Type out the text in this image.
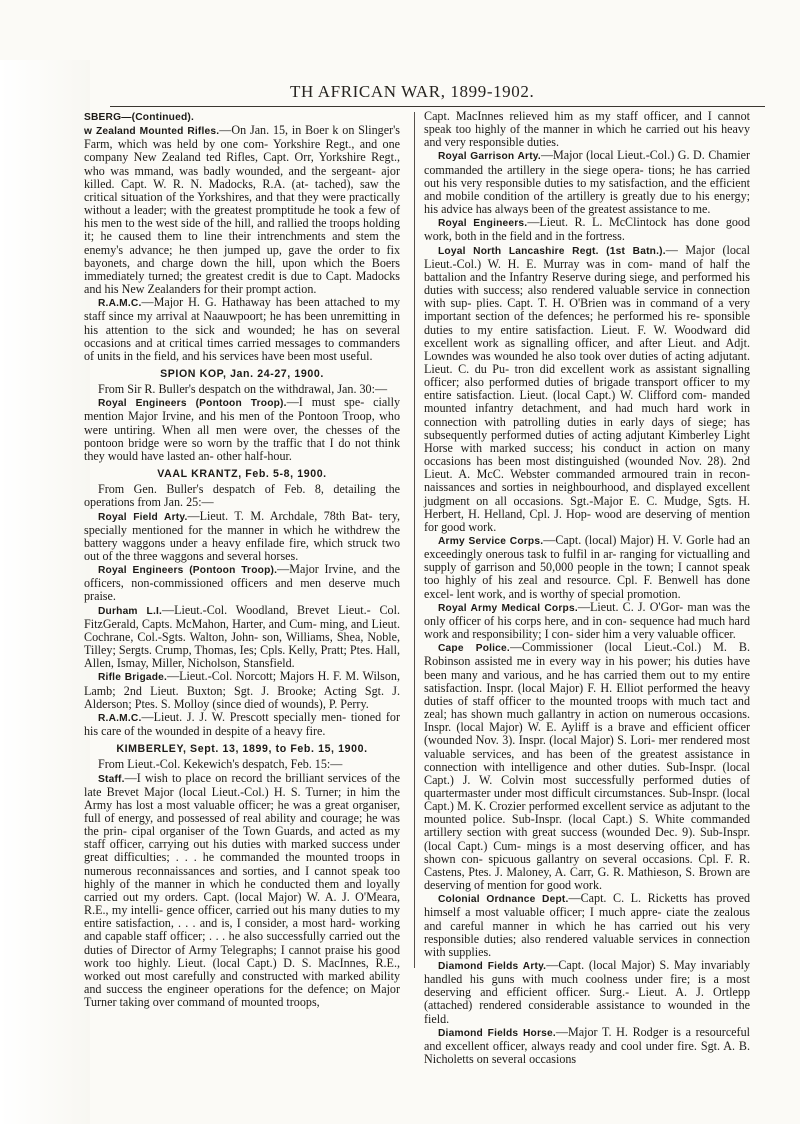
TH AFRICAN WAR, 1899-1902.

SBERG—(Continued).

w Zealand Mounted Rifles.—On Jan. 15, in Boer k on Slinger's Farm, which was held by one com- Yorkshire Regt., and one company New Zealand ted Rifles, Capt. Orr, Yorkshire Regt., who was mmand, was badly wounded, and the sergeant- ajor killed. Capt. W. R. N. Madocks, R.A. (at- tached), saw the critical situation of the Yorkshires, and that they were practically without a leader; with the greatest promptitude he took a few of his men to the west side of the hill, and rallied the troops holding it; he caused them to line their intrenchments and stem the enemy's advance; he then jumped up, gave the order to fix bayonets, and charge down the hill, upon which the Boers immediately turned; the greatest credit is due to Capt. Madocks and his New Zealanders for their prompt action.

R.A.M.C.—Major H. G. Hathaway has been attached to my staff since my arrival at Naauwpoort; he has been unremitting in his attention to the sick and wounded; he has on several occasions and at critical times carried messages to commanders of units in the field, and his services have been most useful.

SPION KOP, Jan. 24-27, 1900.

From Sir R. Buller's despatch on the withdrawal, Jan. 30:—

Royal Engineers (Pontoon Troop).—I must spe- cially mention Major Irvine, and his men of the Pontoon Troop, who were untiring. When all men were over, the chesses of the pontoon bridge were so worn by the traffic that I do not think they would have lasted an- other half-hour.

VAAL KRANTZ, Feb. 5-8, 1900.

From Gen. Buller's despatch of Feb. 8, detailing the operations from Jan. 25:—

Royal Field Arty.—Lieut. T. M. Archdale, 78th Bat- tery, specially mentioned for the manner in which he withdrew the battery waggons under a heavy enfilade fire, which struck two out of the three waggons and several horses.

Royal Engineers (Pontoon Troop).—Major Irvine, and the officers, non-commissioned officers and men deserve much praise.

Durham L.I.—Lieut.-Col. Woodland, Brevet Lieut.- Col. FitzGerald, Capts. McMahon, Harter, and Cum- ming, and Lieut. Cochrane, Col.-Sgts. Walton, John- son, Williams, Shea, Noble, Tilley; Sergts. Crump, Thomas, Ies; Cpls. Kelly, Pratt; Ptes. Hall, Allen, Ismay, Miller, Nicholson, Stansfield.

Rifle Brigade.—Lieut.-Col. Norcott; Majors H. F. M. Wilson, Lamb; 2nd Lieut. Buxton; Sgt. J. Brooke; Acting Sgt. J. Alderson; Ptes. S. Molloy (since died of wounds), P. Perry.

R.A.M.C.—Lieut. J. J. W. Prescott specially men- tioned for his care of the wounded in despite of a heavy fire.

KIMBERLEY, Sept. 13, 1899, to Feb. 15, 1900.

From Lieut.-Col. Kekewich's despatch, Feb. 15:—

Staff.—I wish to place on record the brilliant services of the late Brevet Major (local Lieut.-Col.) H. S. Turner; in him the Army has lost a most valuable officer; he was a great organiser, full of energy, and possessed of real ability and courage; he was the prin- cipal organiser of the Town Guards, and acted as my staff officer, carrying out his duties with marked success under great difficulties; . . . he commanded the mounted troops in numerous reconnaissances and sorties, and I cannot speak too highly of the manner in which he conducted them and loyally carried out my orders. Capt. (local Major) W. A. J. O'Meara, R.E., my intelli- gence officer, carried out his many duties to my entire satisfaction, . . . and is, I consider, a most hard- working and capable staff officer; . . . he also successfully carried out the duties of Director of Army Telegraphs; I cannot praise his good work too highly. Lieut. (local Capt.) D. S. MacInnes, R.E., worked out most carefully and constructed with marked ability and success the engineer operations for the defence; on Major Turner taking over command of mounted troops,

Capt. MacInnes relieved him as my staff officer, and I cannot speak too highly of the manner in which he carried out his heavy and very responsible duties.

Royal Garrison Arty.—Major (local Lieut.-Col.) G. D. Chamier commanded the artillery in the siege opera- tions; he has carried out his very responsible duties to my satisfaction, and the efficient and mobile condition of the artillery is greatly due to his energy; his advice has always been of the greatest assistance to me.

Royal Engineers.—Lieut. R. L. McClintock has done good work, both in the field and in the fortress.

Loyal North Lancashire Regt. (1st Batn.).— Major (local Lieut.-Col.) W. H. E. Murray was in com- mand of half the battalion and the Infantry Reserve during siege, and performed his duties with success; also rendered valuable service in connection with sup- plies. Capt. T. H. O'Brien was in command of a very important section of the defences; he performed his re- sponsible duties to my entire satisfaction. Lieut. F. W. Woodward did excellent work as signalling officer, and after Lieut. and Adjt. Lowndes was wounded he also took over duties of acting adjutant. Lieut. C. du Pu- tron did excellent work as assistant signalling officer; also performed duties of brigade transport officer to my entire satisfaction. Lieut. (local Capt.) W. Clifford com- manded mounted infantry detachment, and had much hard work in connection with patrolling duties in early days of siege; has subsequently performed duties of acting adjutant Kimberley Light Horse with marked success; his conduct in action on many occasions has been most distinguished (wounded Nov. 28). 2nd Lieut. A. McC. Webster commanded armoured train in recon- naissances and sorties in neighbourhood, and displayed excellent judgment on all occasions. Sgt.-Major E. C. Mudge, Sgts. H. Herbert, H. Helland, Cpl. J. Hop- wood are deserving of mention for good work.

Army Service Corps.—Capt. (local) Major) H. V. Gorle had an exceedingly onerous task to fulfil in ar- ranging for victualling and supply of garrison and 50,000 people in the town; I cannot speak too highly of his zeal and resource. Cpl. F. Benwell has done excel- lent work, and is worthy of special promotion.

Royal Army Medical Corps.—Lieut. C. J. O'Gor- man was the only officer of his corps here, and in con- sequence had much hard work and responsibility; I con- sider him a very valuable officer.

Cape Police.—Commissioner (local Lieut.-Col.) M. B. Robinson assisted me in every way in his power; his duties have been many and various, and he has carried them out to my entire satisfaction. Inspr. (local Major) F. H. Elliot performed the heavy duties of staff officer to the mounted troops with much tact and zeal; has shown much gallantry in action on numerous occasions. Inspr. (local Major) W. E. Ayliff is a brave and efficient officer (wounded Nov. 3). Inspr. (local Major) S. Lori- mer rendered most valuable services, and has been of the greatest assistance in connection with intelligence and other duties. Sub-Inspr. (local Capt.) J. W. Colvin most successfully performed duties of quartermaster under most difficult circumstances. Sub-Inspr. (local Capt.) M. K. Crozier performed excellent service as adjutant to the mounted police. Sub-Inspr. (local Capt.) S. White commanded artillery section with great success (wounded Dec. 9). Sub-Inspr. (local Capt.) Cum- mings is a most deserving officer, and has shown con- spicuous gallantry on several occasions. Cpl. F. R. Castens, Ptes. J. Maloney, A. Carr, G. R. Mathieson, S. Brown are deserving of mention for good work.

Colonial Ordnance Dept.—Capt. C. L. Ricketts has proved himself a most valuable officer; I much appre- ciate the zealous and careful manner in which he has carried out his very responsible duties; also rendered valuable services in connection with supplies.

Diamond Fields Arty.—Capt. (local Major) S. May invariably handled his guns with much coolness under fire; is a most deserving and efficient officer. Surg.- Lieut. A. J. Ortlepp (attached) rendered considerable assistance to wounded in the field.

Diamond Fields Horse.—Major T. H. Rodger is a resourceful and excellent officer, always ready and cool under fire. Sgt. A. B. Nicholetts on several occasions
